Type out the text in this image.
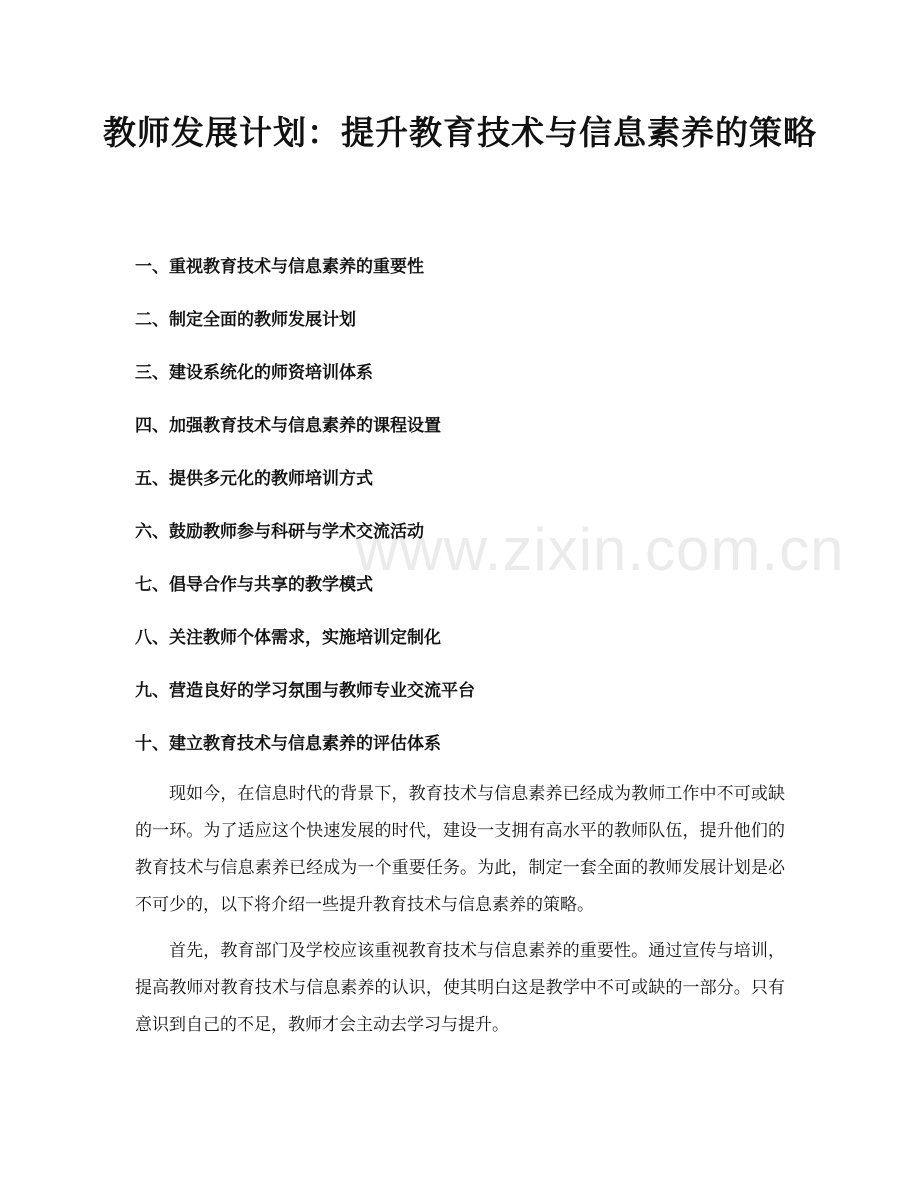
www.zixin.com.cn
教师发展计划：提升教育技术与信息素养的策略
一、重视教育技术与信息素养的重要性
二、制定全面的教师发展计划
三、建设系统化的师资培训体系
四、加强教育技术与信息素养的课程设置
五、提供多元化的教师培训方式
六、鼓励教师参与科研与学术交流活动
七、倡导合作与共享的教学模式
八、关注教师个体需求，实施培训定制化
九、营造良好的学习氛围与教师专业交流平台
十、建立教育技术与信息素养的评估体系

现如今，在信息时代的背景下，教育技术与信息素养已经成为教师工作中不可或缺的一环。为了适应这个快速发展的时代，建设一支拥有高水平的教师队伍，提升他们的教育技术与信息素养已经成为一个重要任务。为此，制定一套全面的教师发展计划是必不可少的，以下将介绍一些提升教育技术与信息素养的策略。

首先，教育部门及学校应该重视教育技术与信息素养的重要性。通过宣传与培训，提高教师对教育技术与信息素养的认识，使其明白这是教学中不可或缺的一部分。只有意识到自己的不足，教师才会主动去学习与提升。
